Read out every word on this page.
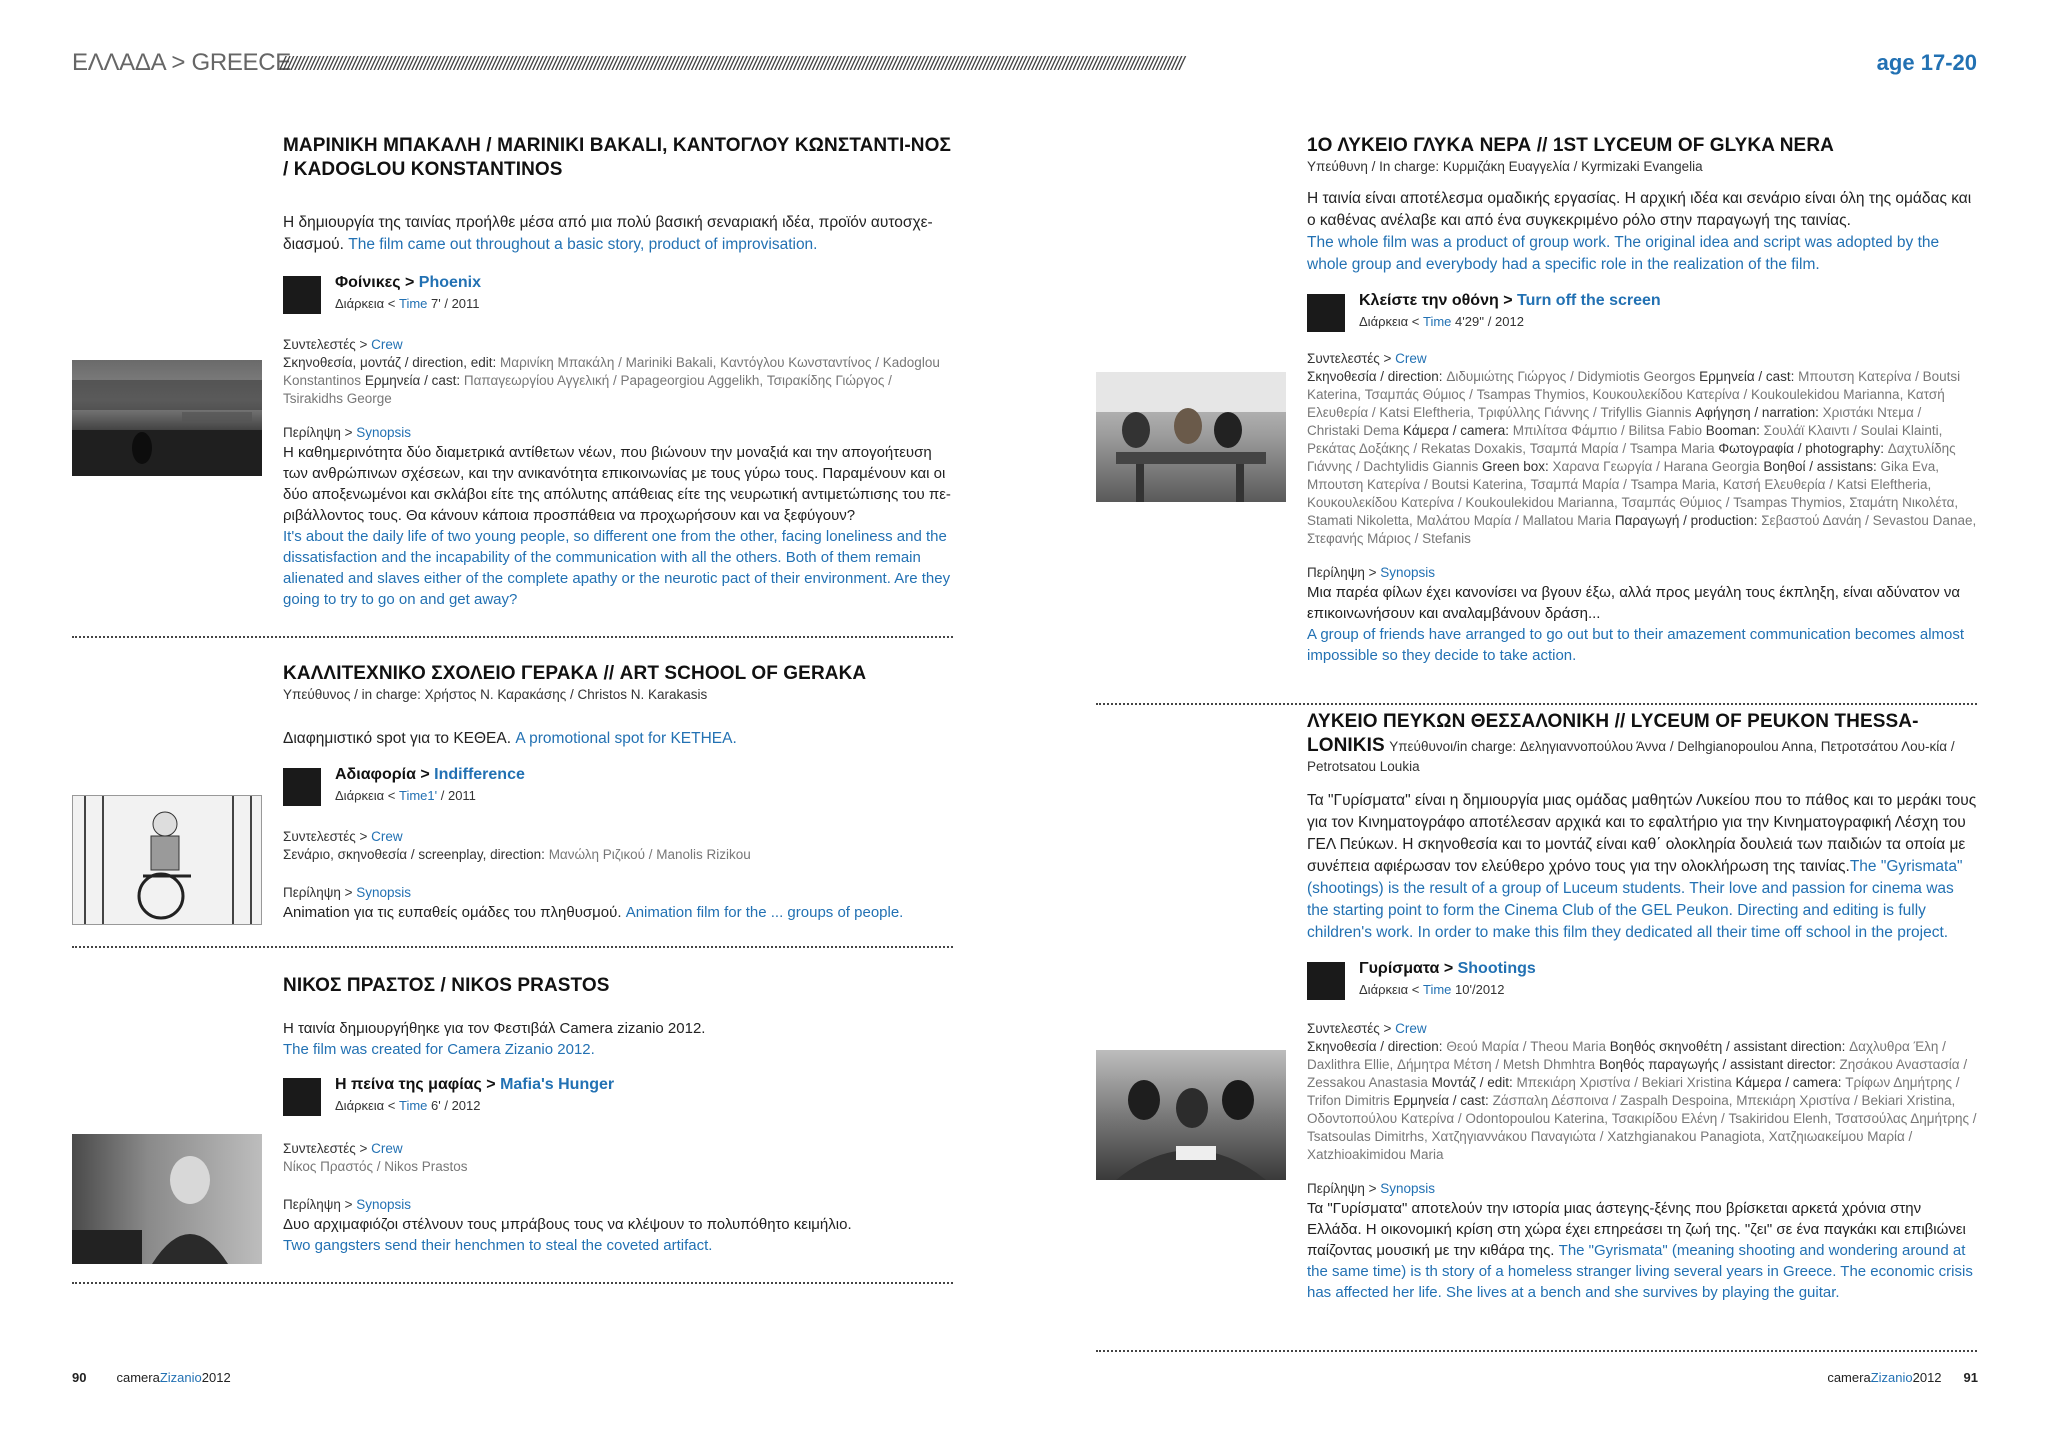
ΕΛΛΑΔΑ > GREECE
///////////////////////////////////////////////////////////////////////////////////////////////////////////////////////////////////////////////////////////////////////////////////////////////////////////////////////////////////////////////	age 17-20
ΜΑΡΙΝΙΚΗ ΜΠΑΚΑΛΗ / MARINIKI BAKALI, ΚΑΝΤΟΓΛΟΥ ΚΩΝΣΤΑΝΤΙ-ΝΟΣ / KADOGLOU KONSTANTINOS
Η δημιουργία της ταινίας προήλθε μέσα από μια πολύ βασική σεναριακή ιδέα, προϊόν αυτοσχε-διασμού. The film came out throughout a basic story, product of improvisation.
Φοίνικες > Phoenix
Διάρκεια < Time 7' / 2011
Συντελεστές > Crew
Σκηνοθεσία, μοντάζ / direction, edit: Μαρινίκη Μπακάλη / Mariniki Bakali, Καντόγλου Κωνσταντίνος / Kadoglou Konstantinos Ερμηνεία / cast: Παπαγεωργίου Αγγελική / Papageorgiou Aggelikh, Τσιρακίδης Γιώργος / Tsirakidhs George
Περίληψη > Synopsis
Η καθημερινότητα δύο διαμετρικά αντίθετων νέων, που βιώνουν την μοναξιά και την απογοήτευση των ανθρώπινων σχέσεων, και την ανικανότητα επικοινωνίας με τους γύρω τους. Παραμένουν και οι δύο αποξενωμένοι και σκλάβοι είτε της απόλυτης απάθειας είτε της νευρωτική αντιμετώπισης του πε-ριβάλλοντος τους. Θα κάνουν κάποια προσπάθεια να προχωρήσουν και να ξεφύγουν?
It's about the daily life of two young people, so different one from the other, facing loneliness and the dissatisfaction and the incapability of the communication with all the others. Both of them remain alienated and slaves either of the complete apathy or the neurotic pact of their environment. Are they going to try to go on and get away?
ΚΑΛΛΙΤΕΧΝΙΚΟ ΣΧΟΛΕΙΟ ΓΕΡΑΚΑ // ART SCHOOL OF GERAKA
Υπεύθυνος / in charge: Χρήστος Ν. Καρακάσης / Christos N. Karakasis
Διαφημιστικό spot για το ΚΕΘΕΑ. A promotional spot for KETHEA.
Αδιαφορία > Indifference
Διάρκεια < Time1' / 2011
Συντελεστές > Crew
Σενάριο, σκηνοθεσία / screenplay, direction: Μανώλη Ριζικού / Manolis Rizikou
Περίληψη > Synopsis
Animation για τις ευπαθείς ομάδες του πληθυσμού. Animation film for the ... groups of people.
ΝΙΚΟΣ ΠΡΑΣΤΟΣ / NIKOS PRASTOS
Η ταινία δημιουργήθηκε για τον Φεστιβάλ Camera zizanio 2012.
The film was created for Camera Zizanio 2012.
Η πείνα της μαφίας > Mafia's Hunger
Διάρκεια < Time 6' / 2012
Συντελεστές > Crew
Νίκος Πραστός / Nikos Prastos
Περίληψη > Synopsis
Δυο αρχιμαφιόζοι στέλνουν τους μπράβους τους να κλέψουν το πολυπόθητο κειμήλιο.
Two gangsters send their henchmen to steal the coveted artifact.
1Ο ΛΥΚΕΙΟ ΓΛΥΚΑ ΝΕΡΑ // 1ST LYCEUM OF GLYKA NERA
Υπεύθυνη / In charge: Κυρμιζάκη Ευαγγελία / Kyrmizaki Evangelia
Η ταινία είναι αποτέλεσμα ομαδικής εργασίας. Η αρχική ιδέα και σενάριο είναι όλη της ομάδας και ο καθένας ανέλαβε και από ένα συγκεκριμένο ρόλο στην παραγωγή της ταινίας.
The whole film was a product of group work. The original idea and script was adopted by the whole group and everybody had a specific role in the realization of the film.
Κλείστε την οθόνη > Turn off the screen
Διάρκεια < Time 4'29'' / 2012
Συντελεστές > Crew
Σκηνοθεσία / direction: Διδυμιώτης Γιώργος / Didymiotis Georgos Ερμηνεία / cast: Μπουτση Κατερίνα / Boutsi Katerina, Τσαμπάς Θύμιος / Tsampas Thymios, Κουκουλεκίδου Κατερίνα / Koukoulekidou Marianna, Κατσή Ελευθερία / Katsi Eleftheria, Τριφύλλης Γιάννης / Trifyllis Giannis Αφήγηση / narration: Χριστάκι Ντεμα / Christaki Dema Κάμερα / camera: Μπιλίτσα Φάμπιο / Bilitsa Fabio Booman: Σουλάϊ Κλαιντι / Soulai Klainti, Ρεκάτας Δοξάκης / Rekatas Doxakis, Τσαμπά Μαρία / Tsampa Maria Φωτογραφία / photography: Δαχτυλίδης Γιάννης / Dachtylidis Giannis Green box: Χαρανα Γεωργία / Harana Georgia Βοηθοί / assistans: Gika Eva, Μπουτση Κατερίνα / Boutsi Katerina, Τσαμπά Μαρία / Tsampa Maria, Κατσή Ελευθερία / Katsi Eleftheria, Κουκουλεκίδου Κατερίνα / Koukoulekidou Marianna, Τσαμπάς Θύμιος / Tsampas Thymios, Σταμάτη Νικολέτα, Stamati Nikoletta, Μαλάτου Μαρία / Mallatou Maria Παραγωγή / production: Σεβαστού Δανάη / Sevastou Danae, Στεφανής Μάριος / Stefanis
Περίληψη > Synopsis
Μια παρέα φίλων έχει κανονίσει να βγουν έξω, αλλά προς μεγάλη τους έκπληξη, είναι αδύνατον να επικοινωνήσουν και αναλαμβάνουν δράση...
A group of friends have arranged to go out but to their amazement communication becomes almost impossible so they decide to take action.
ΛΥΚΕΙΟ ΠΕΥΚΩΝ ΘΕΣΣΑΛΟΝΙΚΗ // LYCEUM OF PEUKON THESSA-LONIKIS Υπεύθυνοι/in charge: Δεληγιαννοπούλου Άννα / Delhgianopoulou Anna, Πετροτσάτου Λου-κία / Petrotsatou Loukia
Τα "Γυρίσματα" είναι η δημιουργία μιας ομάδας μαθητών Λυκείου που το πάθος και το μεράκι τους για τον Κινηματογράφο αποτέλεσαν αρχικά και το εφαλτήριο για την Κινηματογραφική Λέσχη του ΓΕΛ Πεύκων. Η σκηνοθεσία και το μοντάζ είναι καθ΄ ολοκληρία δουλειά των παιδιών τα οποία με συνέπεια αφιέρωσαν τον ελεύθερο χρόνο τους για την ολοκλήρωση της ταινίας.The "Gyrismata" (shootings) is the result of a group of Luceum students. Their love and passion for cinema was the starting point to form the Cinema Club of the GEL Peukon. Directing and editing is fully children's work. In order to make this film they dedicated all their time off school in the project.
Γυρίσματα > Shootings
Διάρκεια < Time 10'/2012
Συντελεστές > Crew
Σκηνοθεσία / direction: Θεού Μαρία / Theou Maria Βοηθός σκηνοθέτη / assistant direction: Δαχλυθρα Έλη / Daxlithra Ellie, Δήμητρα Μέτση / Metsh Dhmhtra Βοηθός παραγωγής / assistant director: Ζησάκου Αναστασία / Zessakou Anastasia Μοντάζ / edit: Μπεκιάρη Χριστίνα / Bekiari Xristina Κάμερα / camera: Τρίφων Δημήτρης / Trifon Dimitris Ερμηνεία / cast: Ζάσπαλη Δέσποινα / Zaspalh Despoina, Μπεκιάρη Χριστίνα / Bekiari Xristina, Οδοντοπούλου Κατερίνα / Odontopoulou Katerina, Τσακιρίδου Ελένη / Tsakiridou Elenh, Τσατσούλας Δημήτρης / Tsatsoulas Dimitrhs, Χατζηγιαννάκου Παναγιώτα / Xatzhgianakou Panagiota, Χατζηιωακείμου Μαρία / Xatzhioakimidou Maria
Περίληψη > Synopsis
Τα "Γυρίσματα" αποτελούν την ιστορία μιας άστεγης-ξένης που βρίσκεται αρκετά χρόνια στην Ελλάδα. Η οικονομική κρίση στη χώρα έχει επηρεάσει τη ζωή της. "ζει" σε ένα παγκάκι και επιβιώνει παίζοντας μουσική με την κιθάρα της. The "Gyrismata" (meaning shooting and wondering around at the same time) is th story of a homeless stranger living several years in Greece. The economic crisis has affected her life. She lives at a bench and she survives by playing the guitar.
90 cameraZizanio2012	cameraZizanio2012 91
